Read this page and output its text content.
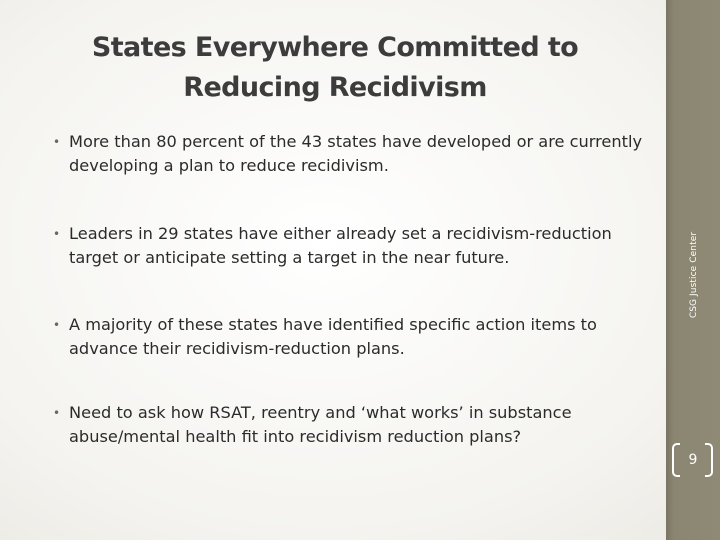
States Everywhere Committed to
Reducing Recidivism
• More than 80 percent of the 43 states have developed or are currently developing a plan to reduce recidivism.
• Leaders in 29 states have either already set a recidivism-reduction target or anticipate setting a target in the near future.
• A majority of these states have identified specific action items to advance their recidivism-reduction plans.
• Need to ask how RSAT, reentry and ‘what works’ in substance abuse/mental health fit into recidivism reduction plans?
CSG Justice Center
9
